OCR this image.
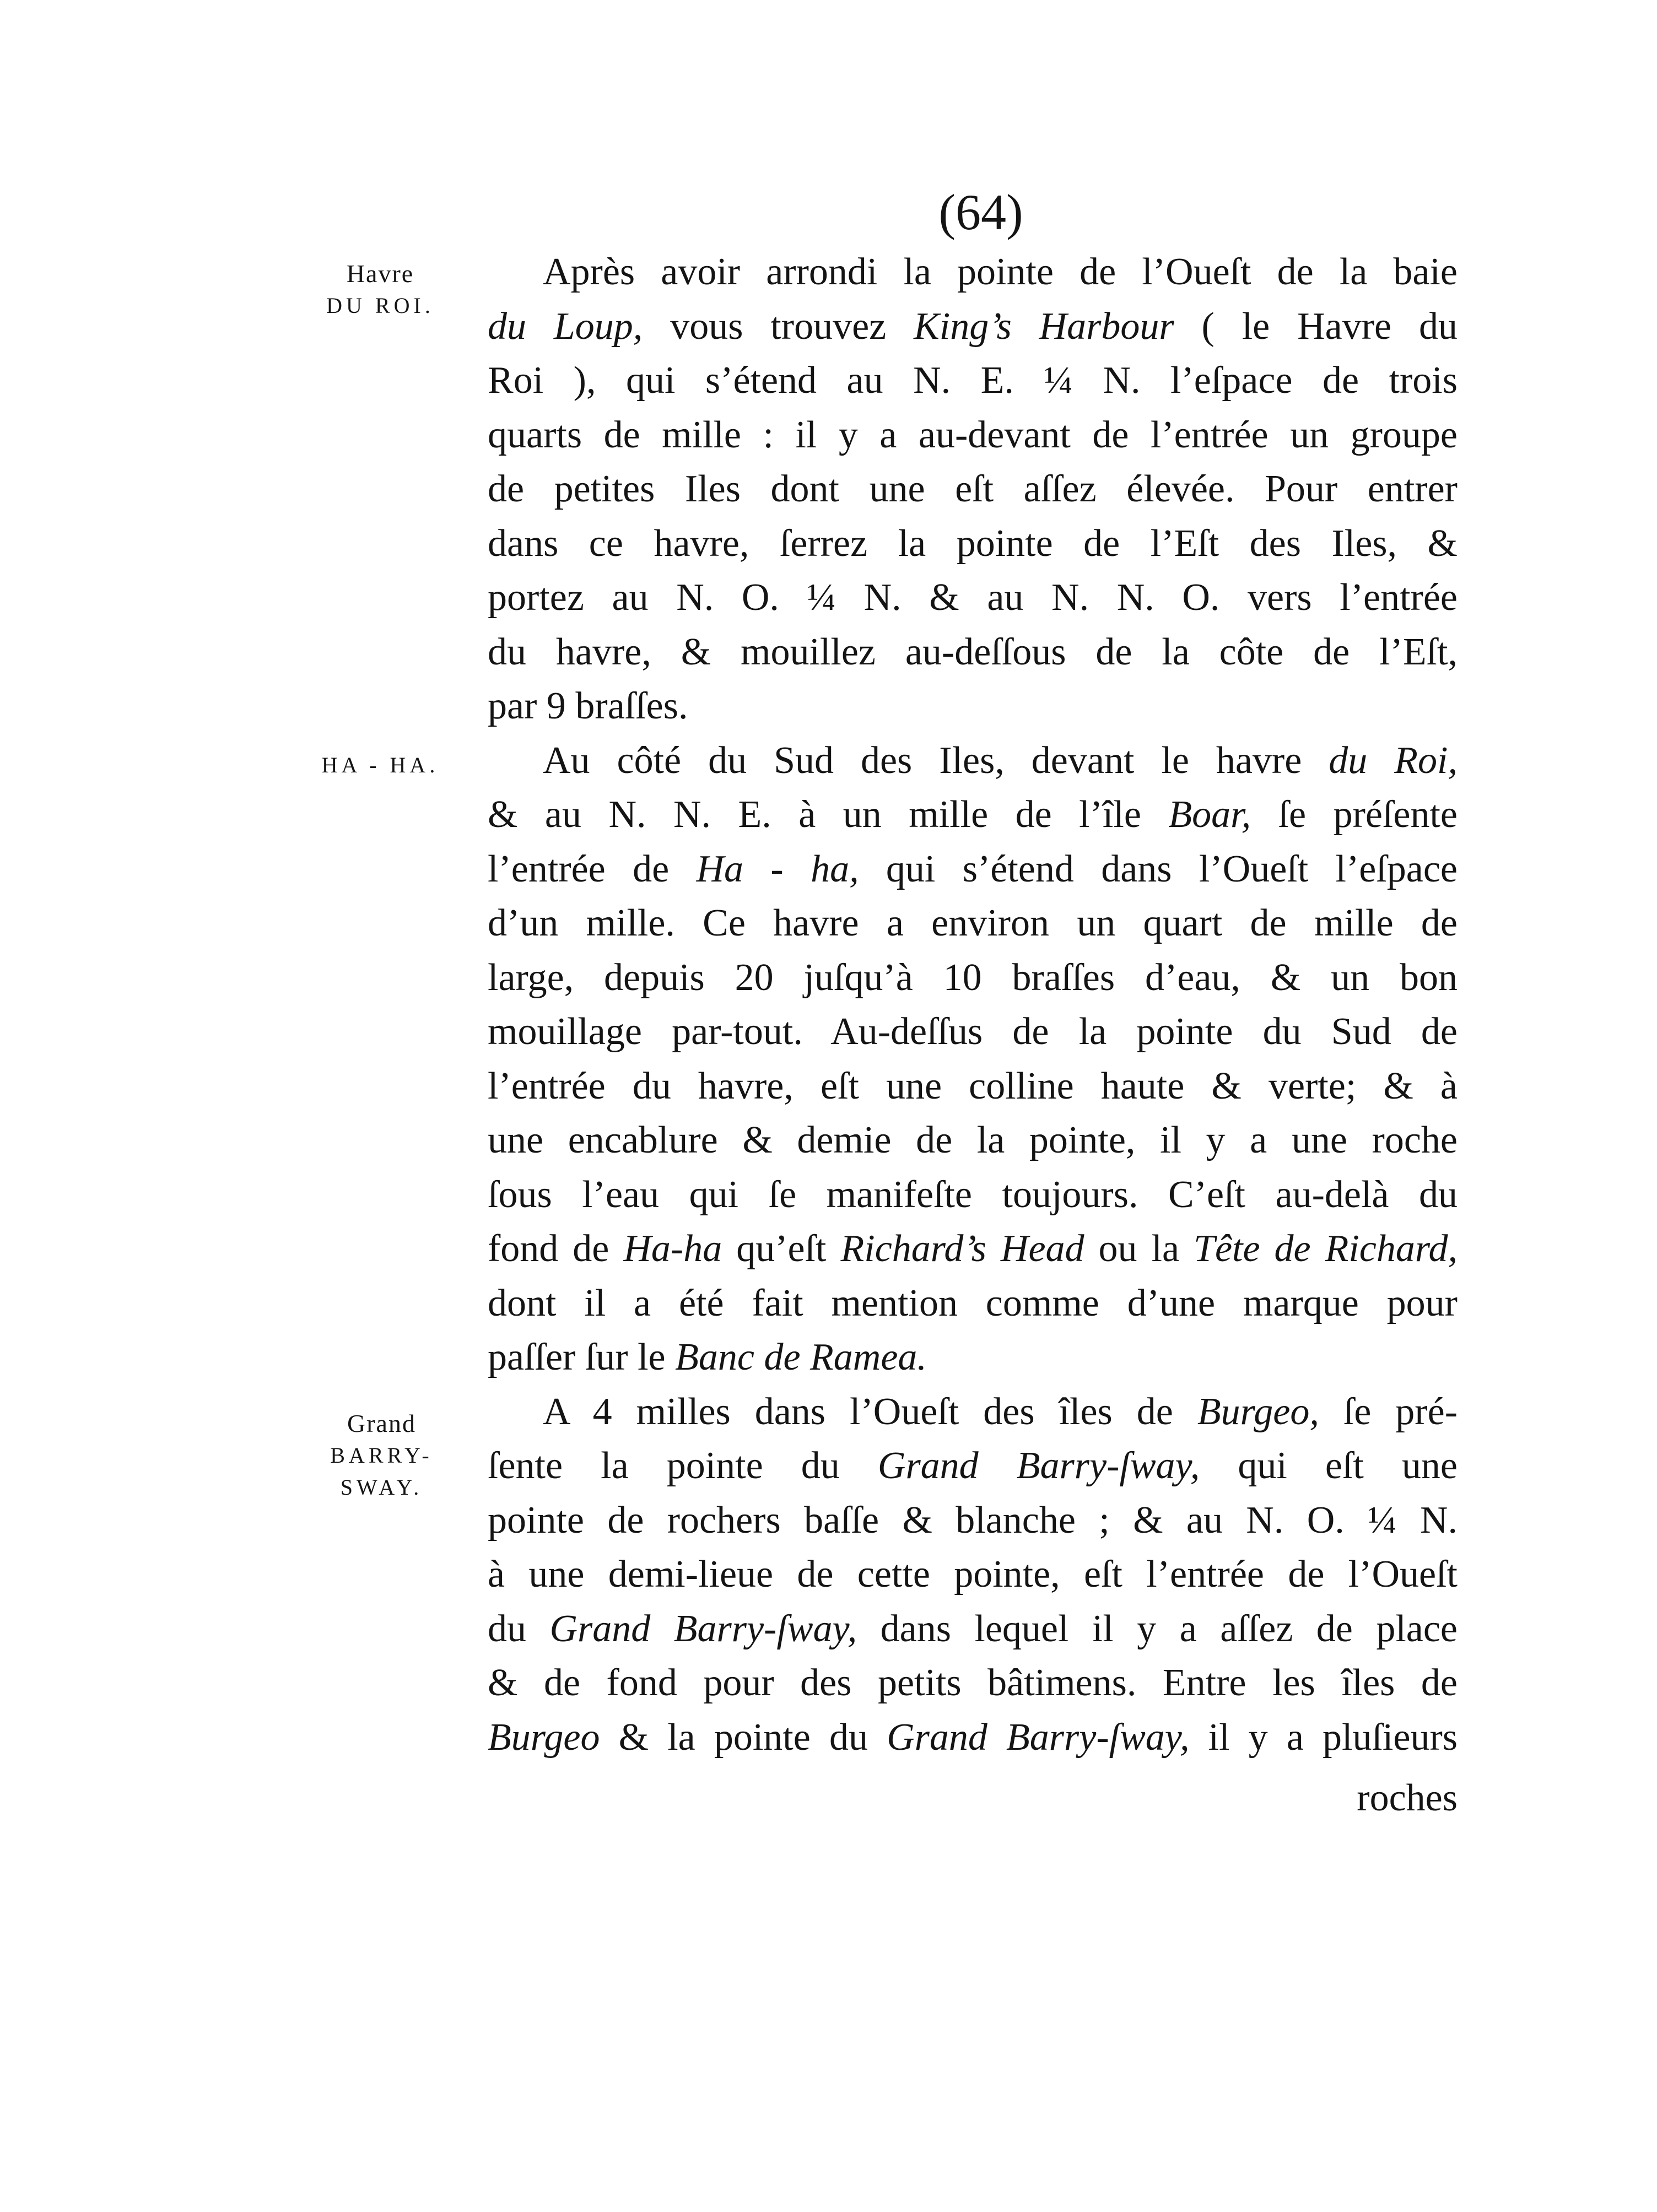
(64)
Havre
DU ROI.
HA - HA.
Grand
BARRY-
SWAY.
Après avoir arrondi la pointe de l’Oueſt de la baie
du Loup, vous trouvez King’s Harbour ( le Havre du
Roi ), qui s’étend au N. E. ¼ N. l’eſpace de trois
quarts de mille : il y a au-devant de l’entrée un groupe
de petites Iles dont une eſt aſſez élevée. Pour entrer
dans ce havre, ſerrez la pointe de l’Eſt des Iles, &
portez au N. O. ¼ N. & au N. N. O. vers l’entrée
du havre, & mouillez au-deſſous de la côte de l’Eſt,
par 9 braſſes.
Au côté du Sud des Iles, devant le havre du Roi,
& au N. N. E. à un mille de l’île Boar, ſe préſente
l’entrée de Ha - ha, qui s’étend dans l’Oueſt l’eſpace
d’un mille. Ce havre a environ un quart de mille de
large, depuis 20 juſqu’à 10 braſſes d’eau, & un bon
mouillage par-tout. Au-deſſus de la pointe du Sud de
l’entrée du havre, eſt une colline haute & verte; & à
une encablure & demie de la pointe, il y a une roche
ſous l’eau qui ſe manifeſte toujours. C’eſt au-delà du
fond de Ha-ha qu’eſt Richard’s Head ou la Tête de Richard,
dont il a été fait mention comme d’une marque pour
paſſer ſur le Banc de Ramea.
A 4 milles dans l’Oueſt des îles de Burgeo, ſe pré-
ſente la pointe du Grand Barry-ſway, qui eſt une
pointe de rochers baſſe & blanche ; & au N. O. ¼ N.
à une demi-lieue de cette pointe, eſt l’entrée de l’Oueſt
du Grand Barry-ſway, dans lequel il y a aſſez de place
& de fond pour des petits bâtimens. Entre les îles de
Burgeo & la pointe du Grand Barry-ſway, il y a pluſieurs
roches
